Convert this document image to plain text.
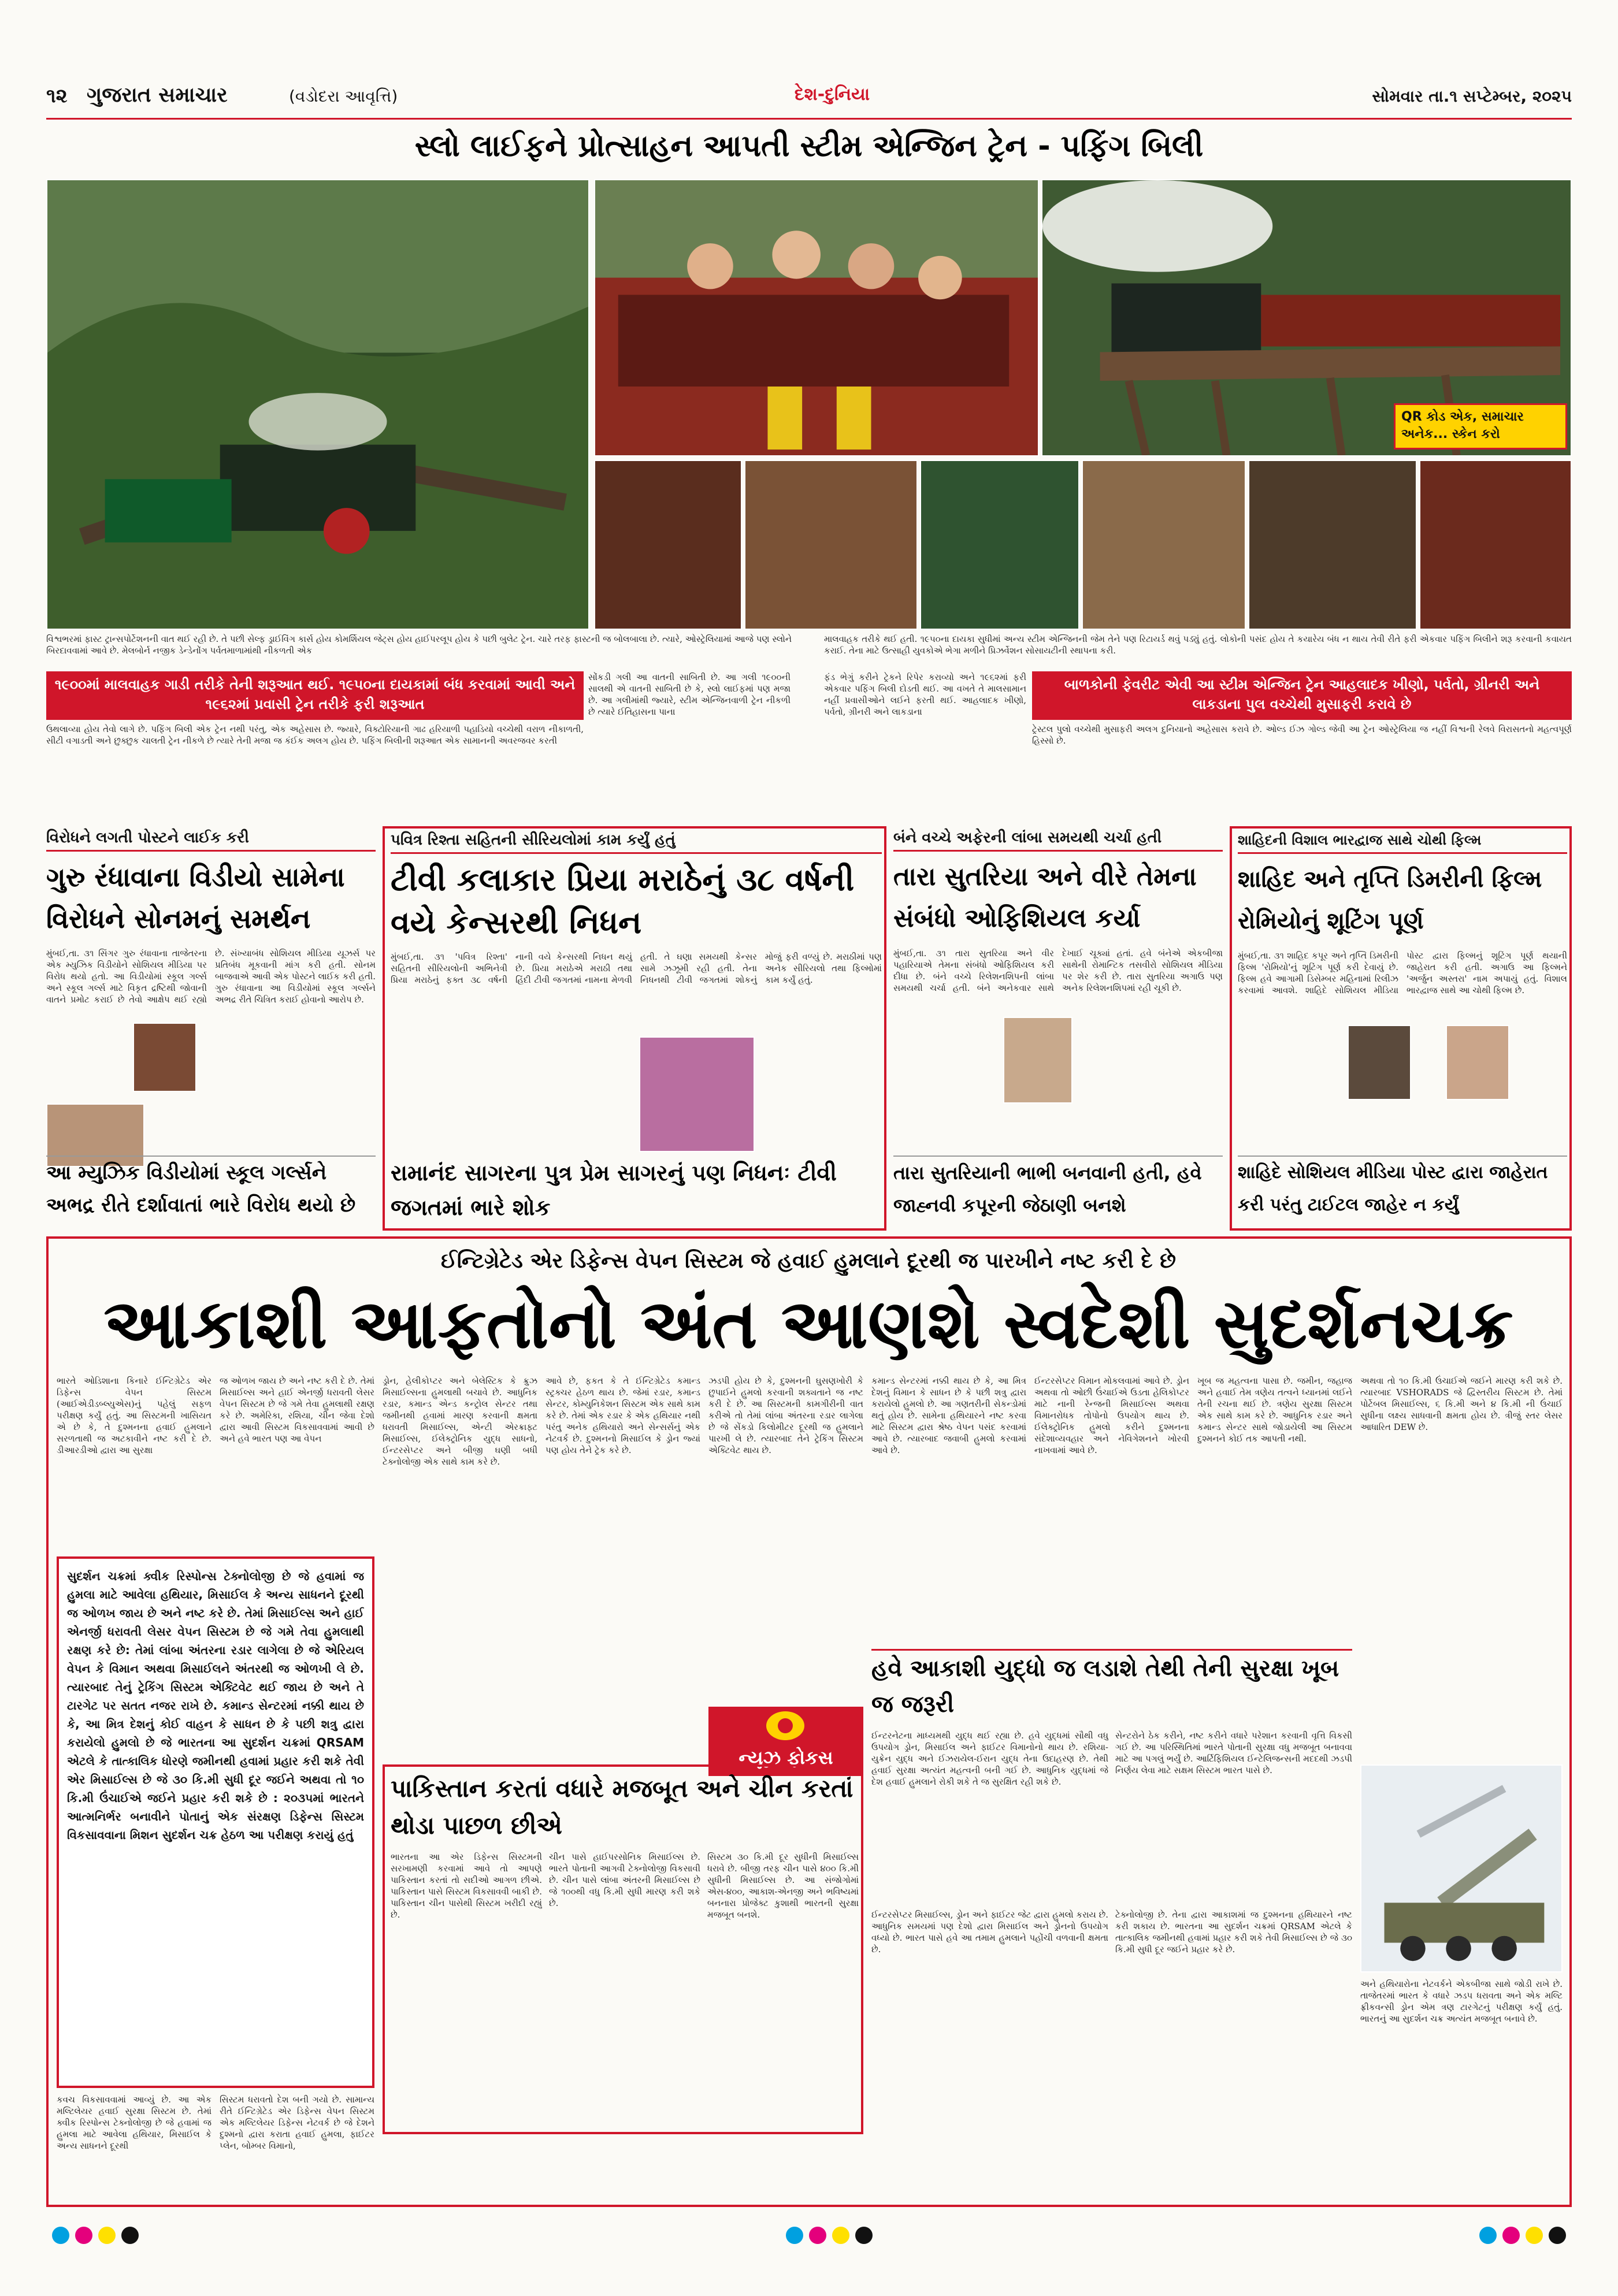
૧૨ ગુજરાત સમાચાર	(વડોદરા આવૃત્તિ)	દેશ-દુનિયા	સોમવાર તા.૧ સપ્ટેમ્બર, ૨૦૨૫
સ્લો લાઈફને પ્રોત્સાહન આપતી સ્ટીમ એન્જિન ટ્રેન - પફિંગ બિલી
QR કોડ એક, સમાચાર અનેક... સ્કેન કરો
વિશ્વભરમાં ફાસ્ટ ટ્રાન્સપોર્ટેશનની વાત થઈ રહી છે. તે પછી સેલ્ફ ડ્રાઈવિંગ કાર્સ હોય કોમર્શિયલ જેટ્સ હોય હાઈપરલૂપ હોય કે પછી બુલેટ ટ્રેન. ચારે તરફ ફાસ્ટની જ બોલબાલા છે. ત્યારે, ઓસ્ટ્રેલિયામાં આજે પણ સ્લોને બિરદાવવામાં આવે છે. મેલબોર્ન નજીક ડેન્ડેનોંગ પર્વતમાળામાંથી નીકળતી એક
માલવાહક તરીકે થઈ હતી. ૧૯૫૦ના દાયકા સુધીમાં અન્ય સ્ટીમ એન્જિનની જેમ તેને પણ રિટાયર્ડ થવું પડ્યું હતું. લોકોની પસંદ હોય તે કયારેય બંધ ન થાય તેવી રીતે ફરી એકવાર પફિંગ બિલીને શરૂ કરવાની કવાયત કરાઈ. તેના માટે ઉત્સાહી યુવકોએ ભેગા મળીને પ્રિઝર્વેશન સોસાયટીની સ્થાપના કરી.
૧૯૦૦માં માલવાહક ગાડી તરીકે તેની શરૂઆત થઈ. ૧૯૫૦ના દાયકામાં બંધ કરવામાં આવી અને ૧૯૬૨માં પ્રવાસી ટ્રેન તરીકે ફરી શરૂઆત
સોંકડી ગલી આ વાતની સાબિતી છે. આ ગલી ૧૯૦૦ની સાલથી એ વાતની સાબિતી છે કે, સ્લો લાઈફમાં પણ મજા છે. આ ગલીમાંથી જ્યારે, સ્ટીમ એન્જિનવાળી ટ્રેન નીકળી છે ત્યારે ઈતિહાસના પાના
ફંડ ભેગું કરીને ટ્રેકને રિપેર કરાવ્યો અને ૧૯૬૨માં ફરી એકવાર પફિંગ બિલી દોડતી થઈ. આ વખતે તે માલસામાન નહીં પ્રવાસીઓને લઈને ફરતી થઈ. આહલાદક ખીણો, પર્વતો, ગ્રીનરી અને લાકડાના
બાળકોની ફેવરીટ એવી આ સ્ટીમ એન્જિન ટ્રેન આહલાદક ખીણો, પર્વતો, ગ્રીનરી અને લાકડાના પુલ વચ્ચેથી મુસાફરી કરાવે છે
ઉથલાવ્યા હોય તેવો લાગે છે. પફિંગ બિલી એક ટ્રેન નથી પરંતુ, એક અહેસાસ છે. જ્યારે, વિક્ટોરિયાની ગાઢ હરિયાળી પહાડિયો વચ્ચેથી વરાળ નીકાળતી, સીટી વગાડતી અને છુક્છુક ચાલતી ટ્રેન નીકળે છે ત્યારે તેની મજા જ કંઈક અલગ હોય છે. પફિંગ બિલીની શરૂઆત એક સામાનની અવરજવર કરતી
ટ્રેસ્ટલ પુલો વચ્ચેથી મુસાફરી અલગ દુનિયાનો અહેસાસ કરાવે છે. ઓલ્ડ ઈઝ ગોલ્ડ જેવી આ ટ્રેન ઓસ્ટ્રેલિયા જ નહીં વિશ્વની રેલવે વિરાસતનો મહત્વપૂર્ણ હિસ્સો છે.
વિરોધને લગતી પોસ્ટને લાઈક કરી
ગુરુ રંધાવાના વિડીયો સામેના વિરોધને સોનમનું સમર્થન
મુંબઈ,તા. ૩૧ સિંગર ગુરુ રંધાવાના તાજેતરના એક મ્યુઝિક વિડીયોને સોશિયલ મીડિયા પર વિરોધ થયો હતો. આ વિડીયોમાં સ્કૂલ ગર્લ્સ અને સ્કૂલ ગર્લ્સ માટે વિકૃત દ્રષ્ટિથી જોવાની વાતને પ્રમોટ કરાઈ છે તેવો આક્ષેપ થઈ રહ્યો છે. સંખ્યાબંધ સોશિયલ મીડિયા યૂઝર્સ પર પ્રતિબંધ મૂકવાની માંગ કરી હતી. સોનમ બાજવાએ આવી એક પોસ્ટને લાઈક કરી હતી. ગુરુ રંધાવાના આ વિડીયોમાં સ્કૂલ ગર્લ્સને અભદ્ર રીતે ચિત્રિત કરાઈ હોવાનો આરોપ છે.
આ મ્યુઝિક વિડીયોમાં સ્કૂલ ગર્લ્સને અભદ્ર રીતે દર્શાવાતાં ભારે વિરોધ થયો છે
પવિત્ર રિશ્તા સહિતની સીરિયલોમાં કામ કર્યું હતું
ટીવી કલાકાર પ્રિયા મરાઠેનું ૩૮ વર્ષની વયે કેન્સરથી નિધન
મુંબઈ,તા. ૩૧ 'પવિત્ર રિશ્તા' સહિતની સીરિયલોની અભિનેત્રી પ્રિયા મરાઠેનું ફક્ત ૩૮ વર્ષની નાની વયે કેન્સરથી નિધન થયું છે. પ્રિયા મરાઠેએ મરાઠી તથા હિંદી ટીવી જગતમાં નામના મેળવી હતી. તે ઘણા સમયથી કેન્સર સામે ઝઝૂમી રહી હતી. તેના નિધનથી ટીવી જગતમાં શોકનું મોજું ફરી વળ્યું છે. મરાઠીમાં પણ અનેક સીરિયલો તથા ફિલ્મોમાં કામ કર્યું હતું.
રામાનંદ સાગરના પુત્ર પ્રેમ સાગરનું પણ નિધનઃ ટીવી જગતમાં ભારે શોક
બંને વચ્ચે અફેરની લાંબા સમયથી ચર્ચા હતી
તારા સુતરિયા અને વીરે તેમના સંબંધો ઓફિશિયલ કર્યા
મુંબઈ,તા. ૩૧ તારા સુતરિયા અને વીર પહારિયાએ તેમના સંબંધો ઓફિશિયલ કરી દીધા છે. બંને વચ્ચે રિલેશનશિપની લાંબા સમયથી ચર્ચા હતી. બંને અનેકવાર સાથે દેખાઈ ચૂક્યાં હતાં. હવે બંનેએ એકબીજા સાથેની રોમાન્ટિક તસવીરો સોશિયલ મીડિયા પર શેર કરી છે. તારા સુતરિયા અગાઉ પણ અનેક રિલેશનશિપમાં રહી ચૂકી છે.
તારા સુતરિયાની ભાભી બનવાની હતી, હવે જાહ્નવી કપૂરની જેઠાણી બનશે
શાહિદની વિશાલ ભારદ્વાજ સાથે ચોથી ફિલ્મ
શાહિદ અને તૃપ્તિ ડિમરીની ફિલ્મ રોમિયોનું શૂટિંગ પૂર્ણ
મુંબઈ,તા. ૩૧ શાહિદ કપૂર અને તૃપ્તિ ડિમરીની ફિલ્મ 'રોમિયો'નું શૂટિંગ પૂર્ણ કરી દેવાયું છે. ફિલ્મ હવે આગામી ડિસેમ્બર મહિનામાં રિલીઝ કરવામાં આવશે. શાહિદે સોશિયલ મીડિયા પોસ્ટ દ્વારા ફિલ્મનું શૂટિંગ પૂર્ણ થયાની જાહેરાત કરી હતી. અગાઉ આ ફિલ્મને 'અર્જુન અસ્તરા' નામ અપાયું હતું. વિશાલ ભારદ્વાજ સાથે આ ચોથી ફિલ્મ છે.
શાહિદે સોશિયલ મીડિયા પોસ્ટ દ્વારા જાહેરાત કરી પરંતુ ટાઈટલ જાહેર ન કર્યું
ઈન્ટિગ્રેટેડ એર ડિફેન્સ વેપન સિસ્ટમ જે હવાઈ હુમલાને દૂરથી જ પારખીને નષ્ટ કરી દે છે
આકાશી આફતોનો અંત આણશે સ્વદેશી સુદર્શનચક્ર
ભારતે ઓડિશાના કિનારે ઈન્ટિગ્રેટેડ એર ડિફેન્સ વેપન સિસ્ટમ (આઈએડીડબ્લ્યુએસ)નું પહેલું સફળ પરીક્ષણ કર્યું હતું. આ સિસ્ટમની ખાસિયત એ છે કે, તે દુશ્મનના હવાઈ હુમલાને સરળતાથી જ અટકાવીને નષ્ટ કરી દે છે. ડીઆરડીઓ દ્વારા આ સુરક્ષા
જ ઓળખ જાય છે અને નષ્ટ કરી દે છે. તેમાં મિસાઈલ્સ અને હાઈ એનર્જી ધરાવતી લેસર વેપન સિસ્ટમ છે જે ગમે તેવા હુમલાથી રક્ષણ કરે છે. અમેરિકા, રશિયા, ચીન જેવા દેશો દ્વારા આવી સિસ્ટમ વિકસાવવામાં આવી છે અને હવે ભારત પણ આ વેપન
ડ્રોન, હેલીકોપ્ટર અને બેલેસ્ટિક કે ક્રુઝ મિસાઈલ્સના હુમલાથી બચાવે છે. આધુનિક રડાર, કમાન્ડ એન્ડ કન્ટ્રોલ સેન્ટર તથા જમીનથી હવામાં મારણ કરવાની ક્ષમતા ધરાવતી મિસાઈલ્સ, એન્ટી એરક્રાફ્ટ મિસાઈલ્સ, ઈલેક્ટ્રોનિક યુદ્ધ સાધનો, ઈન્ટરસેપ્ટર અને બીજી ઘણી બધી ટેક્નોલોજી એક સાથે કામ કરે છે.
આવે છે, ફકત કે તે ઈન્ટિગ્રેટેડ કમાન્ડ સ્ટ્રક્ચર હેઠળ થાય છે. જેમાં રડાર, કમાન્ડ સેન્ટર, કોમ્યુનિકેશન સિસ્ટમ એક સાથે કામ કરે છે. તેમાં એક રડાર કે એક હથિયાર નથી પરંતુ અનેક હથિયારો અને સેન્સર્સનું એક નેટવર્ક છે. દુશ્મનનો મિસાઈલ કે ડ્રોન જ્યાં પણ હોય તેને ટ્રેક કરે છે.
ઝડપી હોય છે કે, દુશ્મનની ઘુસણખોરી કે છુપાઈને હુમલો કરવાની શક્યતાને જ નષ્ટ કરી દે છે. આ સિસ્ટમની કામગીરીની વાત કરીએ તો તેમાં લાંબા અંતરના રડાર લાગેલા છે જે સેંકડો કિલોમીટર દૂરથી જ હુમલાને પારખી લે છે. ત્યારબાદ તેને ટ્રેકિંગ સિસ્ટમ એક્ટિવેટ થાય છે.
કમાન્ડ સેન્ટરમાં નક્કી થાય છે કે, આ મિત્ર દેશનું વિમાન કે સાધન છે કે પછી શત્રુ દ્વારા કરાયેલો હુમલો છે. આ ગણતરીની સેકન્ડોમાં થતું હોય છે. સામેના હથિયારને નષ્ટ કરવા માટે સિસ્ટમ દ્વારા શ્રેષ્ઠ વેપન પસંદ કરવામાં આવે છે. ત્યારબાદ જવાબી હુમલો કરવામાં આવે છે.
ઈન્ટરસેપ્ટર વિમાન મોકલવામાં આવે છે. ડ્રોન અથવા તો ઓછી ઉંચાઈએ ઉડતા હેલિકોપ્ટર માટે નાની રેન્જની મિસાઈલ્સ અથવા વિમાનરોધક તોપોનો ઉપયોગ થાય છે. ઈલેક્ટ્રોનિક હુમલો કરીને દુશ્મનના સંદેશાવ્યવહાર અને નેવિગેશનને ખોરવી નાખવામાં આવે છે.
ખૂબ જ મહત્વના પાસા છે. જમીન, જહાજ અને હવાઈ તેમ ત્રણેય તત્વને ધ્યાનમાં લઈને તેની રચના થઈ છે. ત્રણેય સુરક્ષા સિસ્ટમ એક સાથે કામ કરે છે. આધુનિક રડાર અને કમાન્ડ સેન્ટર સાથે જોડાયેલી આ સિસ્ટમ દુશ્મનને કોઈ તક આપતી નથી.
અથવા તો ૧૦ કિ.મી ઉંચાઈએ જઈને મારણ કરી શકે છે. ત્યારબાદ VSHORADS જે દ્વિસ્તરીય સિસ્ટમ છે. તેમાં પોર્ટેબલ મિસાઈલ્સ, ૬ કિ.મી અને ૪ કિ.મી ની ઉંચાઈ સુધીના લક્ષ્ય સાધવાની ક્ષમતા હોય છે. ત્રીજું સ્તર લેસર આધારિત DEW છે.
સુદર્શન ચક્રમાં ક્વીક રિસ્પોન્સ ટેક્નોલોજી છે જે હવામાં જ હુમલા માટે આવેલા હથિયાર, મિસાઈલ કે અન્ય સાધનને દૂરથી જ ઓળખ જાય છે અને નષ્ટ કરે છે. તેમાં મિસાઈલ્સ અને હાઈ એનર્જી ધરાવતી લેસર વેપન સિસ્ટમ છે જે ગમે તેવા હુમલાથી રક્ષણ કરે છે: તેમાં લાંબા અંતરના રડાર લાગેલા છે જે એરિયલ વેપન કે વિમાન અથવા મિસાઈલને અંતરથી જ ઓળખી લે છે. ત્યારબાદ તેનું ટ્રેકિંગ સિસ્ટમ એક્ટિવેટ થઈ જાય છે અને તે ટારગેટ પર સતત નજર રાખે છે. કમાન્ડ સેન્ટરમાં નક્કી થાય છે કે, આ મિત્ર દેશનું કોઈ વાહન કે સાધન છે કે પછી શત્રુ દ્વારા કરાયેલો હુમલો છે જે ભારતના આ સુદર્શન ચક્રમાં QRSAM એટલે કે તાત્કાલિક ધોરણે જમીનથી હવામાં પ્રહાર કરી શકે તેવી એર મિસાઈલ્સ છે જે ૩૦ કિ.મી સુધી દૂર જઈને અથવા તો ૧૦ કિ.મી ઉંચાઈએ જઈને પ્રહાર કરી શકે છે : ૨૦૩૫માં ભારતને આત્મનિર્ભર બનાવીને પોતાનું એક સંરક્ષણ ડિફેન્સ સિસ્ટમ વિકસાવવાના મિશન સુદર્શન ચક્ર હેઠળ આ પરીક્ષણ કરાયું હતું
ન્યૂઝ ફોકસ
હવે આકાશી યુદ્ધો જ લડાશે તેથી તેની સુરક્ષા ખૂબ જ જરૂરી
ઈન્ટરનેટના માધ્યમથી યુદ્ધ થઈ રહ્યા છે. હવે યુદ્ધમાં સૌથી વધુ ઉપયોગ ડ્રોન, મિસાઈલ અને ફાઈટર વિમાનોનો થાય છે. રશિયા-યુક્રેન યુદ્ધ અને ઈઝરાયેલ-ઈરાન યુદ્ધ તેના ઉદાહરણ છે. તેથી હવાઈ સુરક્ષા અત્યંત મહત્વની બની ગઈ છે. આધુનિક યુદ્ધમાં જે દેશ હવાઈ હુમલાને રોકી શકે તે જ સુરક્ષિત રહી શકે છે.
સેન્ટરોને ઠેક કરીને, નષ્ટ કરીને વધારે પરેશાન કરવાની વૃત્તિ વિકસી ગઈ છે. આ પરિસ્થિતિમાં ભારતે પોતાની સુરક્ષા વધુ મજબૂત બનાવવા માટે આ પગલું ભર્યું છે. આર્ટિફિશિયલ ઈન્ટેલિજન્સની મદદથી ઝડપી નિર્ણય લેવા માટે સક્ષમ સિસ્ટમ ભારત પાસે છે.
પાકિસ્તાન કરતાં વધારે મજબૂત અને ચીન કરતાં થોડા પાછળ છીએ
ભારતના આ એર ડિફેન્સ સિસ્ટમની સરખામણી કરવામાં આવે તો આપણે પાકિસ્તાન કરતાં તો સદીઓ આગળ છીએ. પાકિસ્તાન પાસે સિસ્ટમ વિકસાવવી બાકી છે. પાકિસ્તાન ચીન પાસેથી સિસ્ટમ ખરીદી રહ્યું છે.
ચીન પાસે હાઈપરસોનિક મિસાઈલ્સ છે. ભારતે પોતાની આગવી ટેક્નોલોજી વિકસાવી છે. ચીન પાસે લાંબા અંતરની મિસાઈલ્સ છે જે ૧૦૦થી વધુ કિ.મી સુધી મારણ કરી શકે છે.
સિસ્ટમ ૩૦ કિ.મી દૂર સુધીની મિસાઈલ્સ ધરાવે છે. બીજી તરફ ચીન પાસે ૪૦૦ કિ.મી સુધીની મિસાઈલ્સ છે. આ સંજોગોમાં એસ-૪૦૦, આકાશ-એનજી અને ભવિષ્યમાં બનનારા પ્રોજેક્ટ કુશાથી ભારતની સુરક્ષા મજબૂત બનશે.	ઈન્ટરસેપ્ટર મિસાઈલ્સ, ડ્રોન અને ફાઈટર જેટ દ્વારા હુમલો કરાય છે. આધુનિક સમયમાં પણ દેશો દ્વારા મિસાઈલ અને ડ્રોનનો ઉપયોગ વધ્યો છે. ભારત પાસે હવે આ તમામ હુમલાને પહોંચી વળવાની ક્ષમતા છે.
ટેક્નોલોજી છે. તેના દ્વારા આકાશમાં જ દુશ્મનના હથિયારને નષ્ટ કરી શકાય છે. ભારતના આ સુદર્શન ચક્રમાં QRSAM એટલે કે તાત્કાલિક જમીનથી હવામાં પ્રહાર કરી શકે તેવી મિસાઈલ્સ છે જે ૩૦ કિ.મી સુધી દૂર જઈને પ્રહાર કરે છે.
અને હથિયારોના નેટવર્કને એકબીજા સાથે જોડી રાખે છે. તાજેતરમાં ભારત કે વધારે ઝડપ ધરાવતા અને એક મલ્ટિ ફ્રીકવન્સી ડ્રોન એમ ત્રણ ટારગેટનું પરીક્ષણ કર્યું હતું. ભારતનું આ સુદર્શન ચક્ર અત્યંત મજબૂત બનાવે છે.
કવચ વિકસાવવામાં આવ્યું છે. આ એક મલ્ટિલેયર હવાઈ સુરક્ષા સિસ્ટમ છે. તેમાં ક્વીક રિસ્પોન્સ ટેક્નોલોજી છે જે હવામાં જ હુમલા માટે આવેલા હથિયાર, મિસાઈલ કે અન્ય સાધનને દૂરથી
સિસ્ટમ ધરાવતો દેશ બની ગયો છે. સામાન્ય રીતે ઈન્ટિગ્રેટેડ એર ડિફેન્સ વેપન સિસ્ટમ એક મલ્ટિલેયર ડિફેન્સ નેટવર્ક છે જે દેશને દુશ્મનો દ્વારા કરાતા હવાઈ હુમલા, ફાઈટર પ્લેન, બોમ્બર વિમાનો,
